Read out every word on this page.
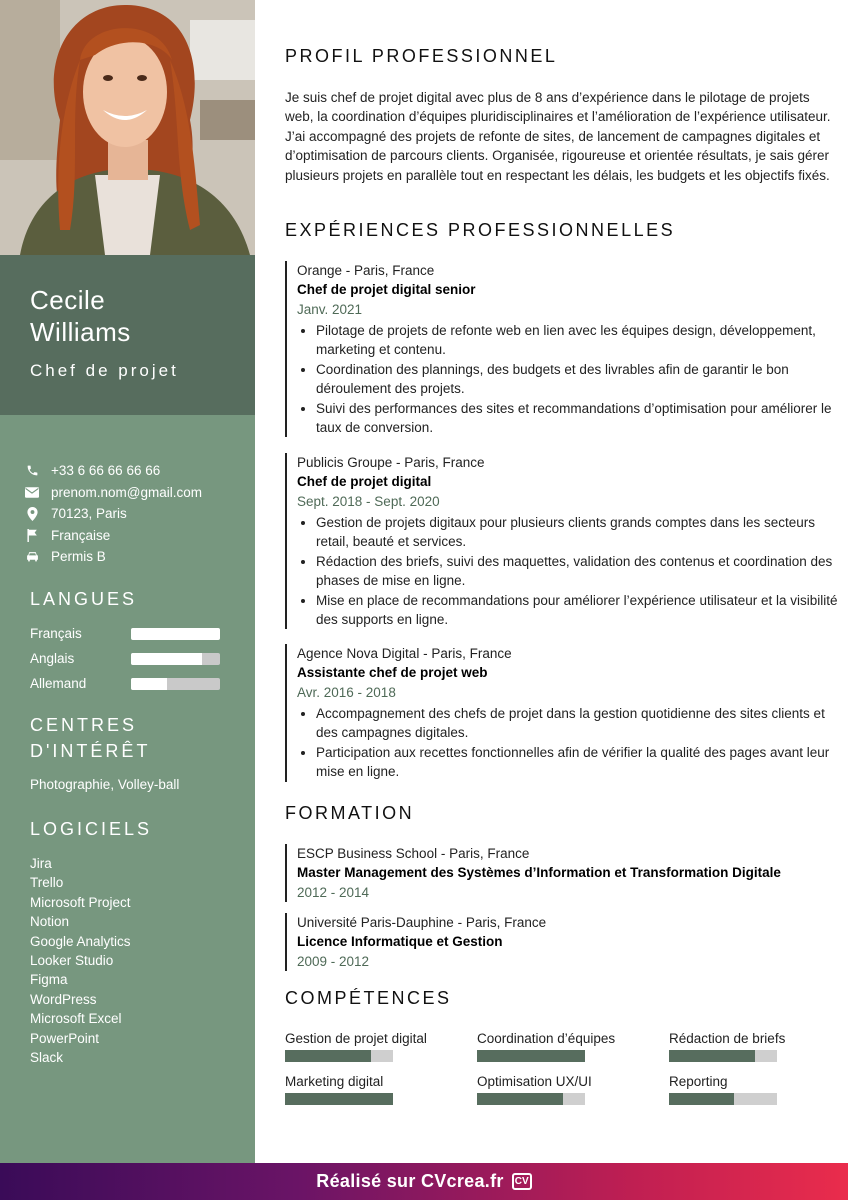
Cecile
Williams
Chef de projet
+33 6 66 66 66 66
prenom.nom@gmail.com
70123, Paris
Française
Permis B
LANGUES
Français
Anglais
Allemand
CENTRES
D'INTÉRÊT
Photographie, Volley-ball
LOGICIELS
Jira
Trello
Microsoft Project
Notion
Google Analytics
Looker Studio
Figma
WordPress
Microsoft Excel
PowerPoint
Slack
PROFIL PROFESSIONNEL
Je suis chef de projet digital avec plus de 8 ans d’expérience dans le pilotage de projets web, la coordination d’équipes pluridisciplinaires et l’amélioration de l’expérience utilisateur. J’ai accompagné des projets de refonte de sites, de lancement de campagnes digitales et d’optimisation de parcours clients. Organisée, rigoureuse et orientée résultats, je sais gérer plusieurs projets en parallèle tout en respectant les délais, les budgets et les objectifs fixés.
EXPÉRIENCES PROFESSIONNELLES
Orange - Paris, France
Chef de projet digital senior
Janv. 2021
• Pilotage de projets de refonte web en lien avec les équipes design, développement, marketing et contenu.
• Coordination des plannings, des budgets et des livrables afin de garantir le bon déroulement des projets.
• Suivi des performances des sites et recommandations d’optimisation pour améliorer le taux de conversion.
Publicis Groupe - Paris, France
Chef de projet digital
Sept. 2018 - Sept. 2020
• Gestion de projets digitaux pour plusieurs clients grands comptes dans les secteurs retail, beauté et services.
• Rédaction des briefs, suivi des maquettes, validation des contenus et coordination des phases de mise en ligne.
• Mise en place de recommandations pour améliorer l’expérience utilisateur et la visibilité des supports en ligne.
Agence Nova Digital - Paris, France
Assistante chef de projet web
Avr. 2016 - 2018
• Accompagnement des chefs de projet dans la gestion quotidienne des sites clients et des campagnes digitales.
• Participation aux recettes fonctionnelles afin de vérifier la qualité des pages avant leur mise en ligne.
FORMATION
ESCP Business School - Paris, France
Master Management des Systèmes d’Information et Transformation Digitale
2012 - 2014
Université Paris-Dauphine - Paris, France
Licence Informatique et Gestion
2009 - 2012
COMPÉTENCES
Gestion de projet digital	Coordination d’équipes	Rédaction de briefs
Marketing digital	Optimisation UX/UI	Reporting
Réalisé sur CVcrea.fr	CV
